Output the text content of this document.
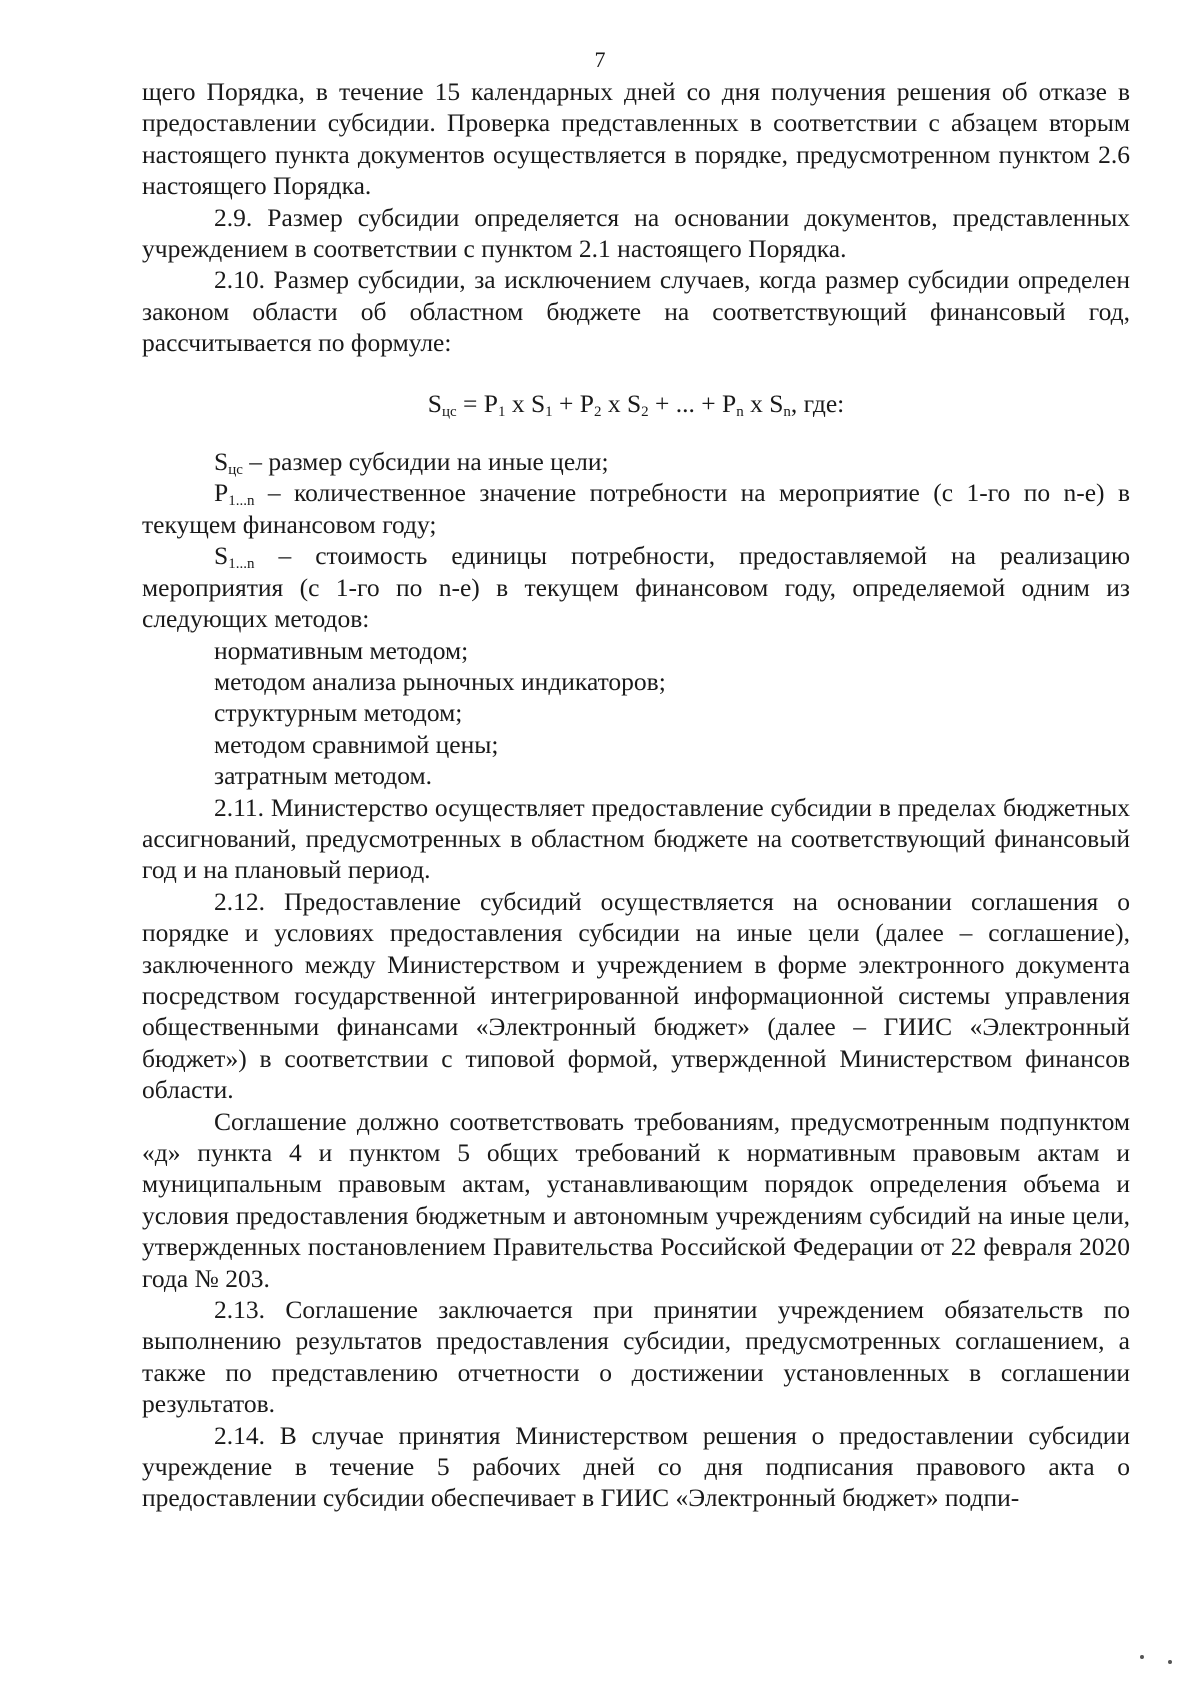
7

щего Порядка, в течение 15 календарных дней со дня получения решения об отказе в предоставлении субсидии. Проверка представленных в соответствии с абзацем вторым настоящего пункта документов осуществляется в порядке, предусмотренном пунктом 2.6 настоящего Порядка.

2.9. Размер субсидии определяется на основании документов, представленных учреждением в соответствии с пунктом 2.1 настоящего Порядка.

2.10. Размер субсидии, за исключением случаев, когда размер субсидии определен законом области об областном бюджете на соответствующий финансовый год, рассчитывается по формуле:

$S_{цс} = P_1$ x $S_1 + P_2$ x $S_2$ + ... + $P_n$ x $S_n$, где:

$S_{цс}$ – размер субсидии на иные цели;

$P_{1...n}$ – количественное значение потребности на мероприятие (с 1-го по n-е) в текущем финансовом году;

$S_{1...n}$ – стоимость единицы потребности, предоставляемой на реализацию мероприятия (с 1-го по n-е) в текущем финансовом году, определяемой одним из следующих методов:

нормативным методом;

методом анализа рыночных индикаторов;

структурным методом;

методом сравнимой цены;

затратным методом.

2.11. Министерство осуществляет предоставление субсидии в пределах бюджетных ассигнований, предусмотренных в областном бюджете на соответствующий финансовый год и на плановый период.

2.12. Предоставление субсидий осуществляется на основании соглашения о порядке и условиях предоставления субсидии на иные цели (далее – соглашение), заключенного между Министерством и учреждением в форме электронного документа посредством государственной интегрированной информационной системы управления общественными финансами «Электронный бюджет» (далее – ГИИС «Электронный бюджет») в соответствии с типовой формой, утвержденной Министерством финансов области.

Соглашение должно соответствовать требованиям, предусмотренным подпунктом «д» пункта 4 и пунктом 5 общих требований к нормативным правовым актам и муниципальным правовым актам, устанавливающим порядок определения объема и условия предоставления бюджетным и автономным учреждениям субсидий на иные цели, утвержденных постановлением Правительства Российской Федерации от 22 февраля 2020 года № 203.

2.13. Соглашение заключается при принятии учреждением обязательств по выполнению результатов предоставления субсидии, предусмотренных соглашением, а также по представлению отчетности о достижении установленных в соглашении результатов.

2.14. В случае принятия Министерством решения о предоставлении субсидии учреждение в течение 5 рабочих дней со дня подписания правового акта о предоставлении субсидии обеспечивает в ГИИС «Электронный бюджет» подпи-
